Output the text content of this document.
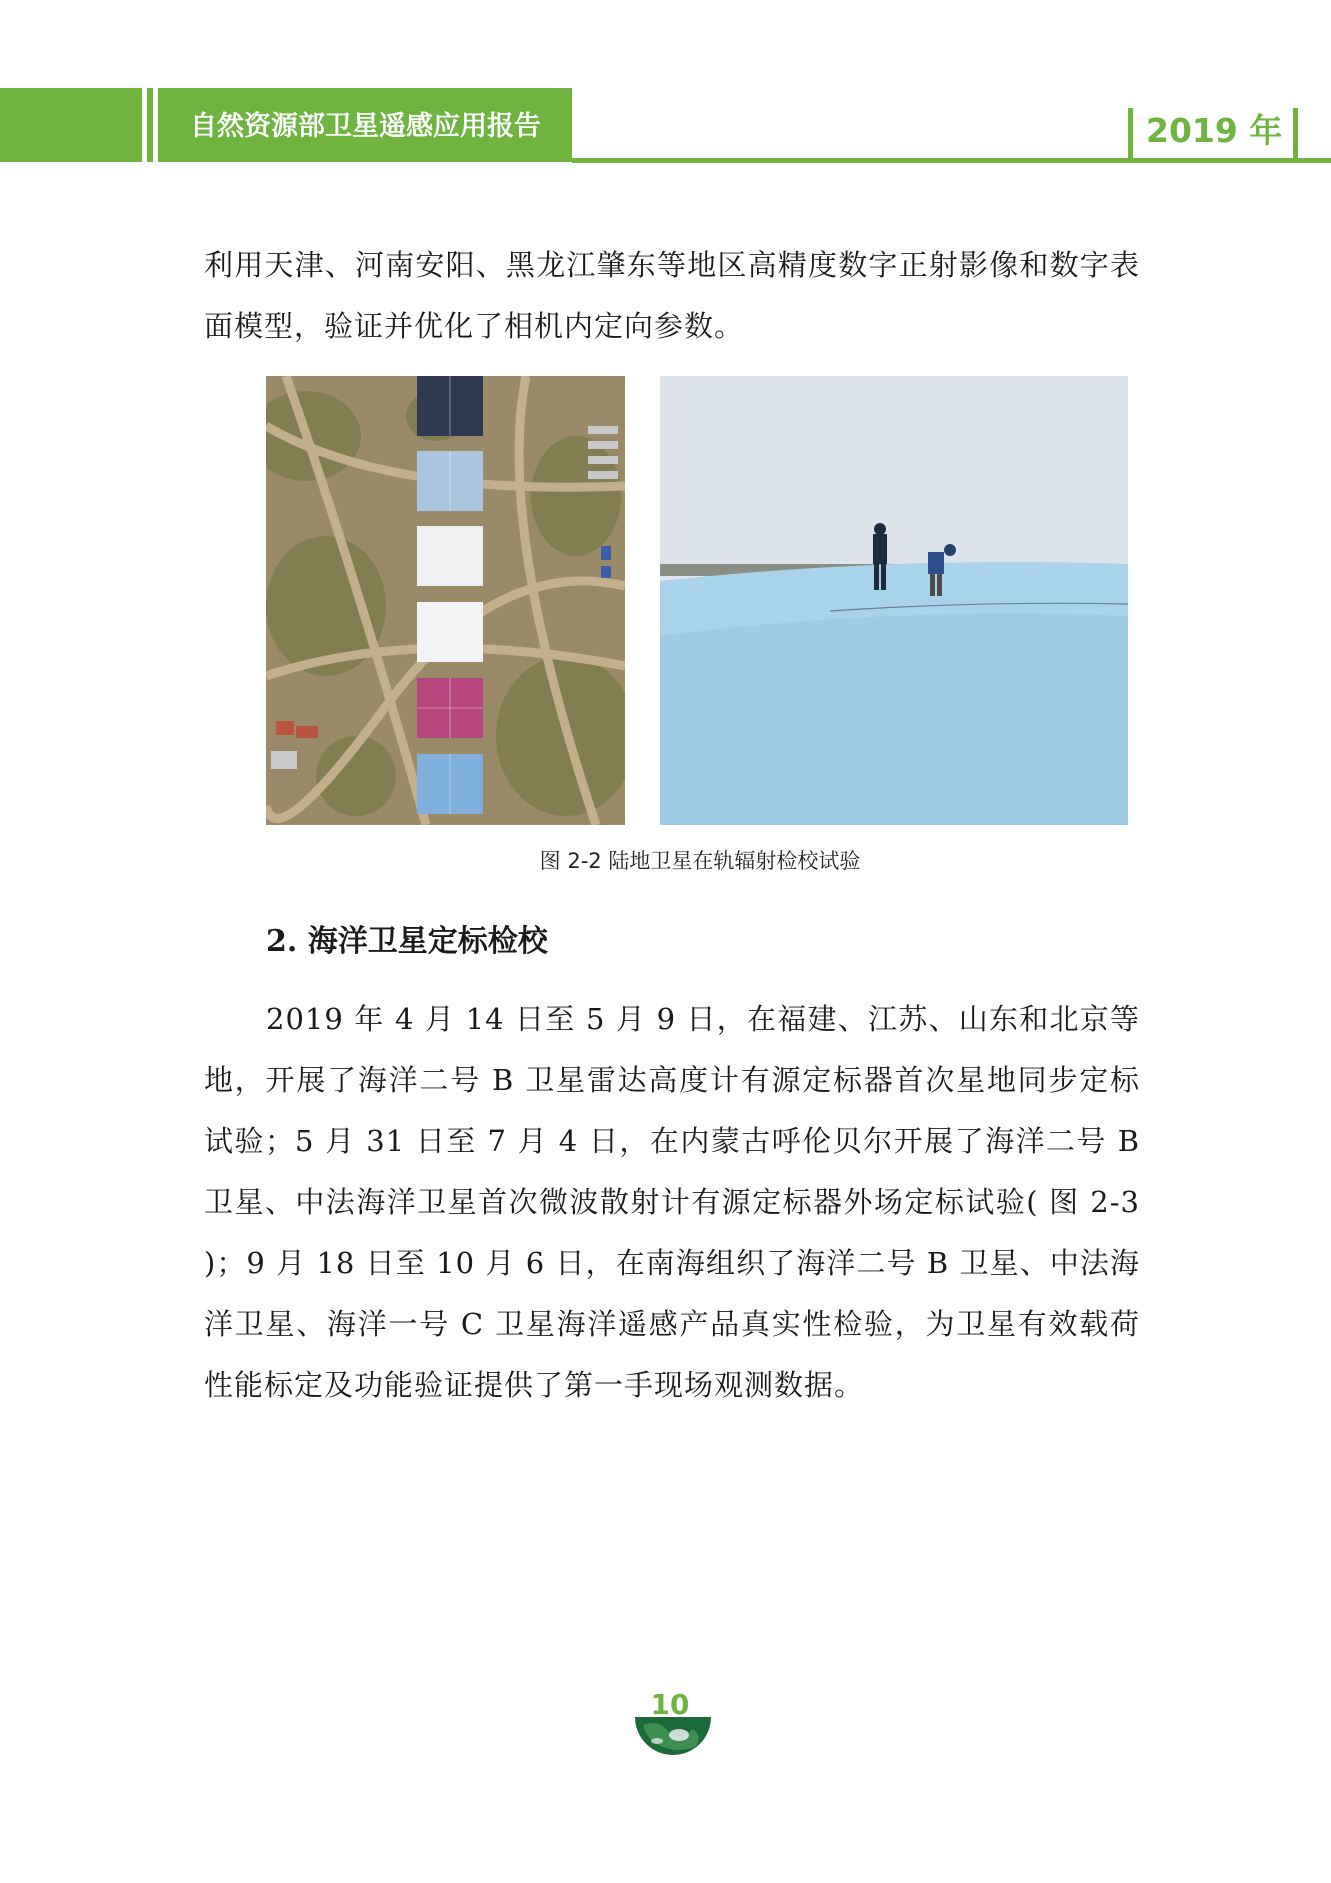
自然资源部卫星遥感应用报告	2019 年
利用天津、河南安阳、黑龙江肇东等地区高精度数字正射影像和数字表面模型，验证并优化了相机内定向参数。
图 2-2 陆地卫星在轨辐射检校试验
2. 海洋卫星定标检校
2019 年 4 月 14 日至 5 月 9 日，在福建、江苏、山东和北京等地，开展了海洋二号 B 卫星雷达高度计有源定标器首次星地同步定标试验；5 月 31 日至 7 月 4 日，在内蒙古呼伦贝尔开展了海洋二号 B 卫星、中法海洋卫星首次微波散射计有源定标器外场定标试验( 图 2-3 )；9 月 18 日至 10 月 6 日，在南海组织了海洋二号 B 卫星、中法海洋卫星、海洋一号 C 卫星海洋遥感产品真实性检验，为卫星有效载荷性能标定及功能验证提供了第一手现场观测数据。
10
